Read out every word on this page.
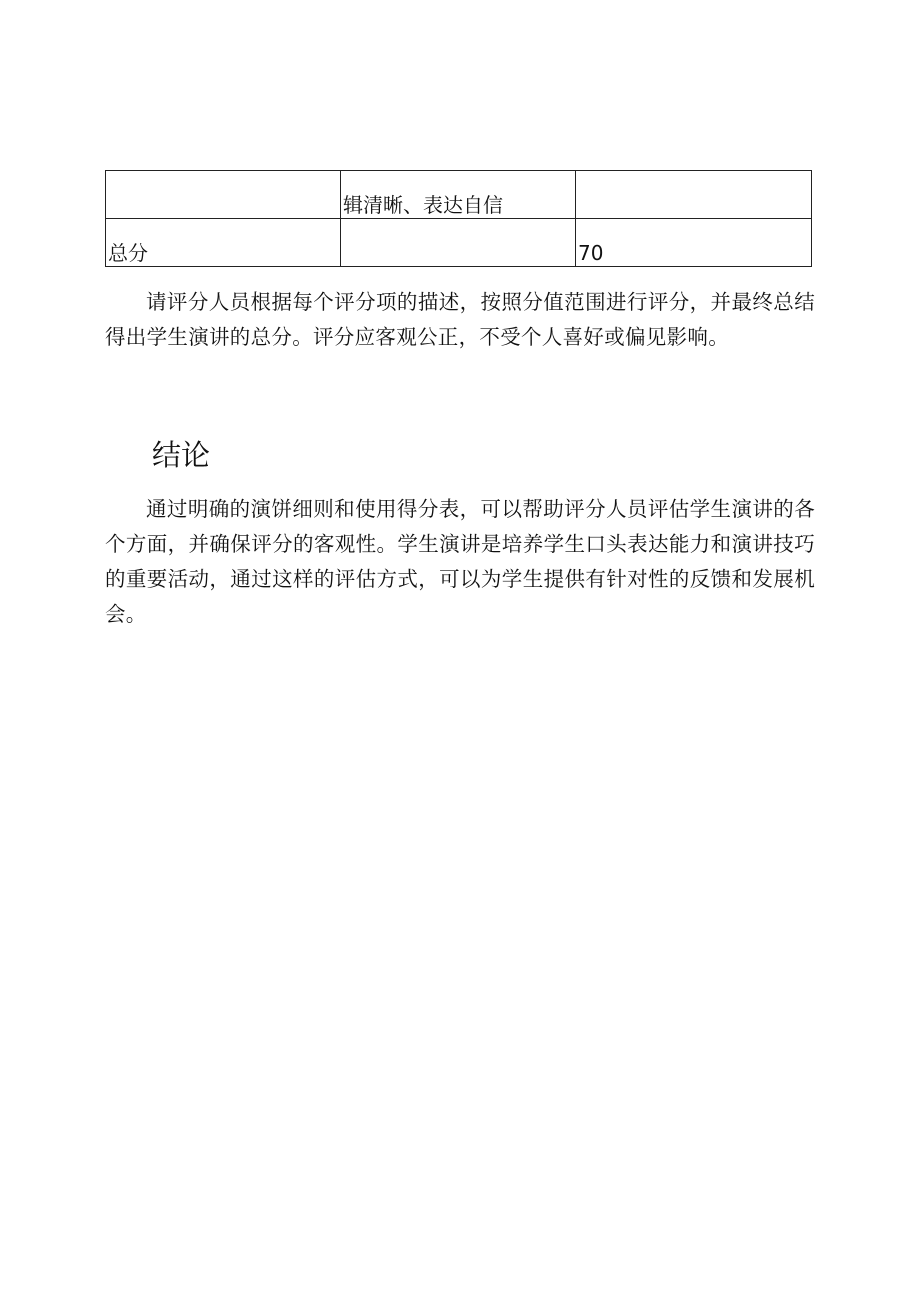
	辑清晰、表达自信	
总分		70

请评分人员根据每个评分项的描述，按照分值范围进行评分，并最终总结得出学生演讲的总分。评分应客观公正，不受个人喜好或偏见影响。

结论

通过明确的演饼细则和使用得分表，可以帮助评分人员评估学生演讲的各个方面，并确保评分的客观性。学生演讲是培养学生口头表达能力和演讲技巧的重要活动，通过这样的评估方式，可以为学生提供有针对性的反馈和发展机会。
